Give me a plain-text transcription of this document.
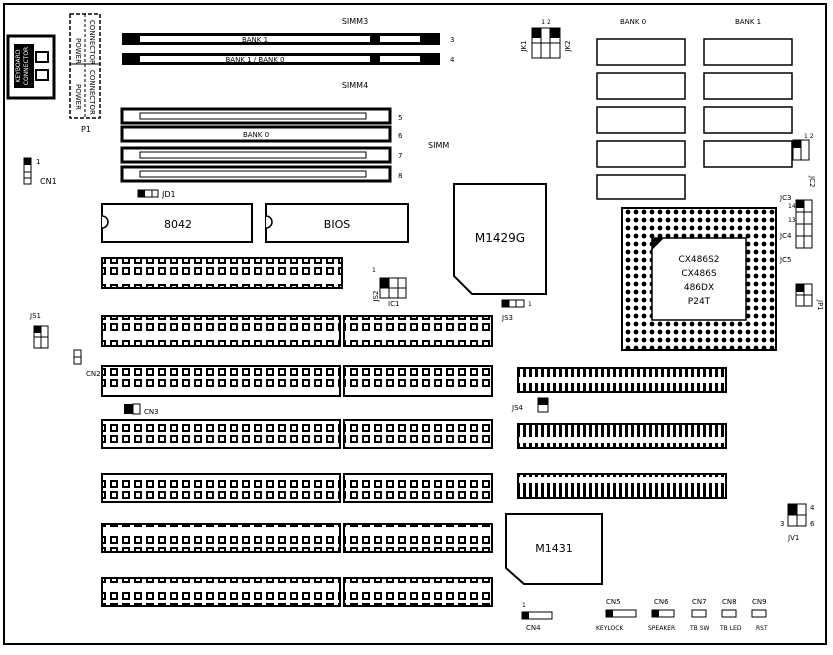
KEYBOARD CONNECTOR	POWER CONNECTOR
POWER CONNECTOR
P1
SIMM3
BANK 1	3
BANK 1 / BANK 0	4
SIMM4
5
BANK 0	6
7
8
SIMM
1
CN1
JD1
8042	BIOS
M1429G
JK1	JK2
1 2	BANK 0	BANK 1
CX486S2
CX486S
486DX
P24T
JC2
1 2
JC3
JC4
JC5
14
13
JP1
JS2
IC1
1
JS3
1
JS1
CN2
CN3	JS4
M1431
3
4
6
JV1
CN4
1	CN5
KEYLOCK
CN6
SPEAKER
CN7
TB SW
CN8
TB LED
CN9
RST
